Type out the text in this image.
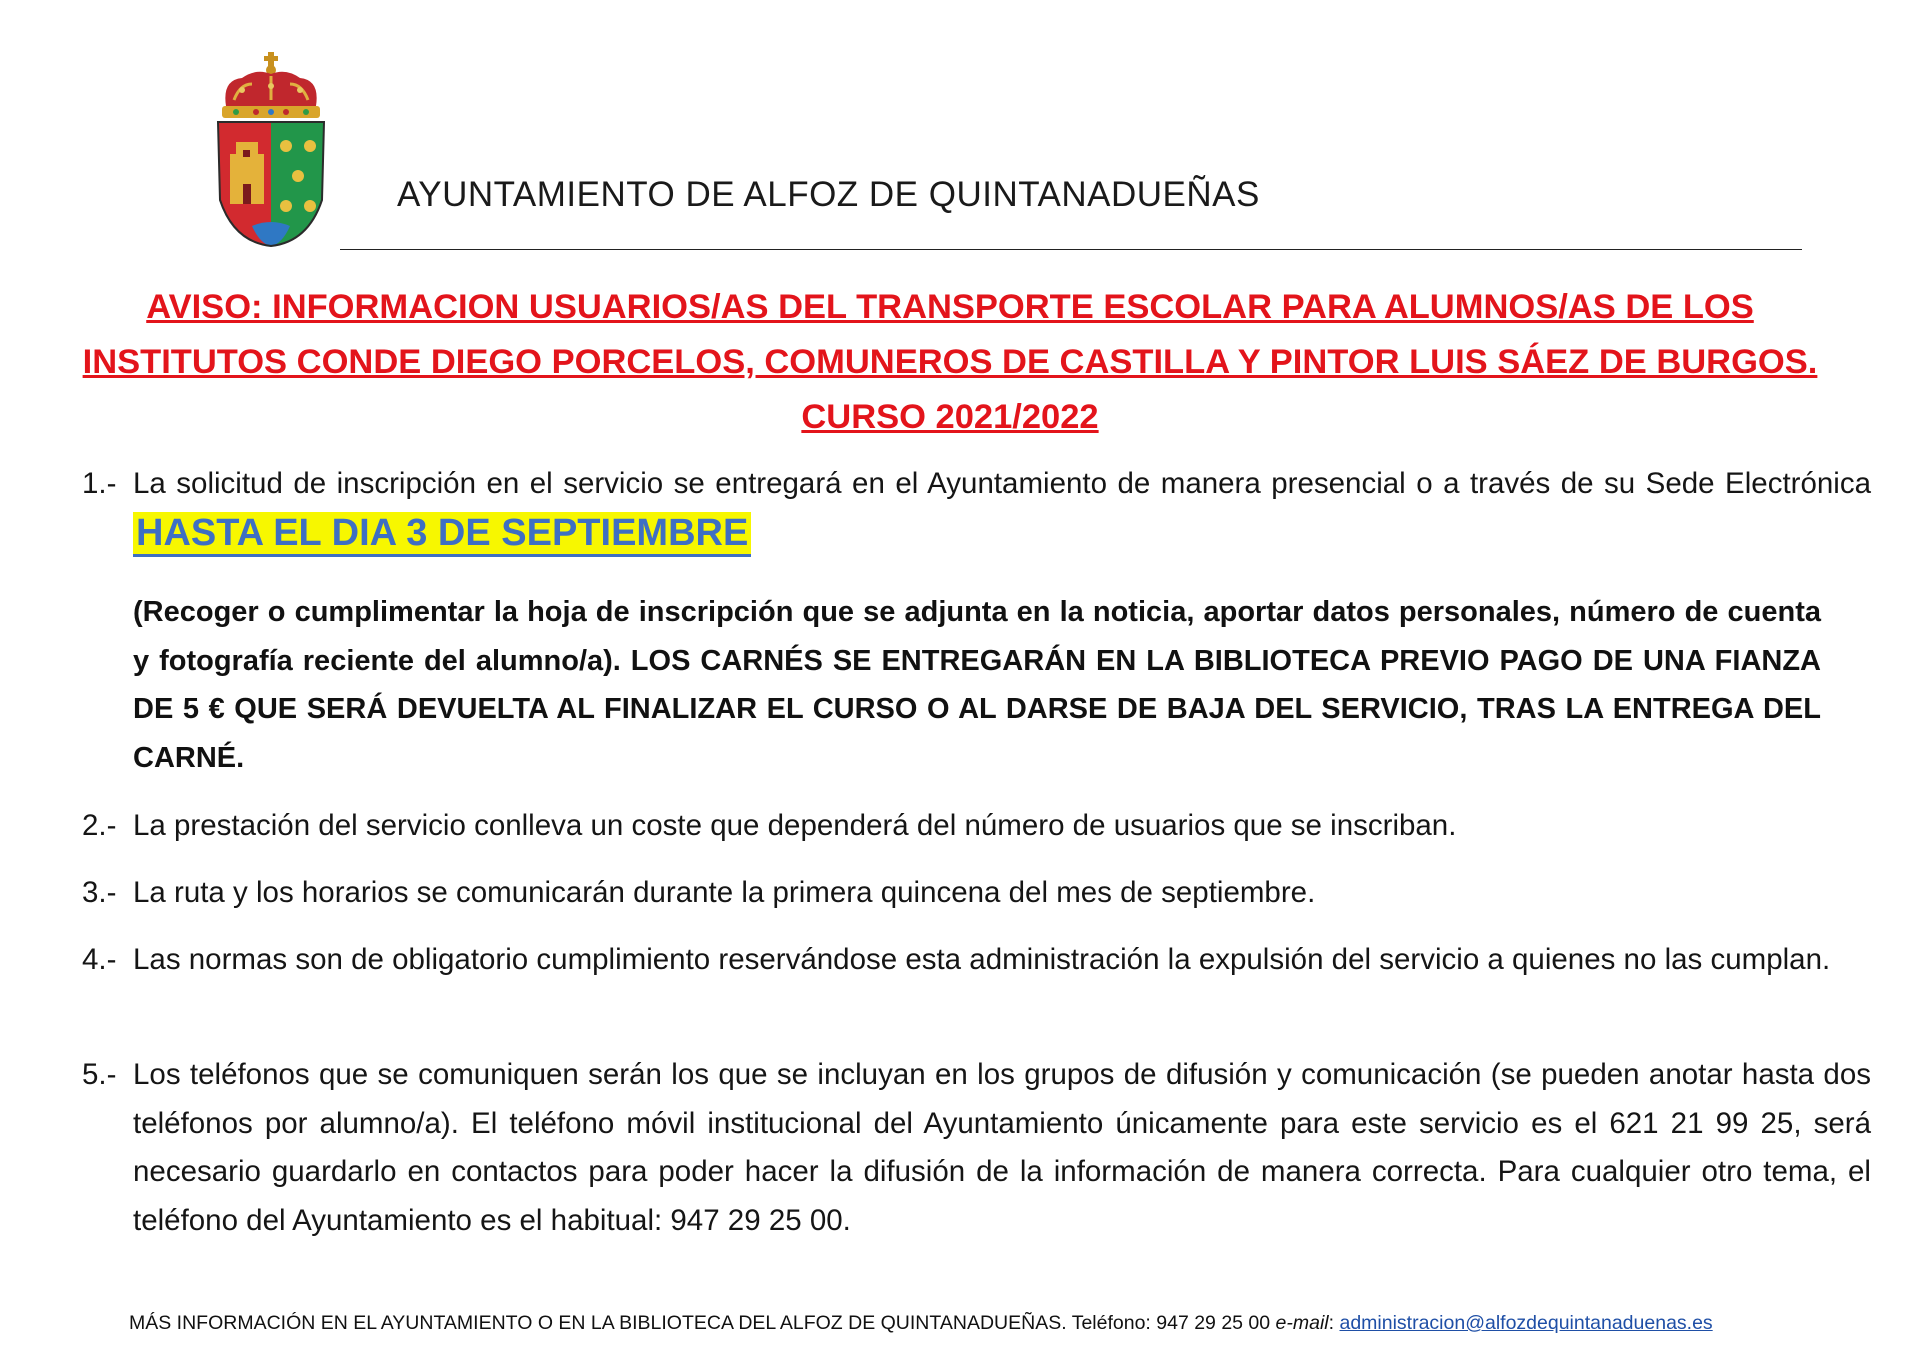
AYUNTAMIENTO DE ALFOZ DE QUINTANADUEÑAS
AVISO: INFORMACION USUARIOS/AS DEL TRANSPORTE ESCOLAR PARA ALUMNOS/AS DE LOS
INSTITUTOS CONDE DIEGO PORCELOS, COMUNEROS DE CASTILLA Y PINTOR LUIS SÁEZ DE BURGOS.
CURSO 2021/2022
1.- La solicitud de inscripción en el servicio se entregará en el Ayuntamiento de manera presencial o a través de su Sede Electrónica HASTA EL DIA 3 DE SEPTIEMBRE
(Recoger o cumplimentar la hoja de inscripción que se adjunta en la noticia, aportar datos personales, número de cuenta y fotografía reciente del alumno/a). LOS CARNÉS SE ENTREGARÁN EN LA BIBLIOTECA PREVIO PAGO DE UNA FIANZA DE 5 € QUE SERÁ DEVUELTA AL FINALIZAR EL CURSO O AL DARSE DE BAJA DEL SERVICIO, TRAS LA ENTREGA DEL CARNÉ.
2.- La prestación del servicio conlleva un coste que dependerá del número de usuarios que se inscriban.
3.- La ruta y los horarios se comunicarán durante la primera quincena del mes de septiembre.
4.- Las normas son de obligatorio cumplimiento reservándose esta administración la expulsión del servicio a quienes no las cumplan.
5.- Los teléfonos que se comuniquen serán los que se incluyan en los grupos de difusión y comunicación (se pueden anotar hasta dos teléfonos por alumno/a). El teléfono móvil institucional del Ayuntamiento únicamente para este servicio es el 621 21 99 25, será necesario guardarlo en contactos para poder hacer la difusión de la información de manera correcta. Para cualquier otro tema, el teléfono del Ayuntamiento es el habitual: 947 29 25 00.
MÁS INFORMACIÓN EN EL AYUNTAMIENTO O EN LA BIBLIOTECA DEL ALFOZ DE QUINTANADUEÑAS. Teléfono: 947 29 25 00 e-mail: administracion@alfozdequintanaduenas.es
